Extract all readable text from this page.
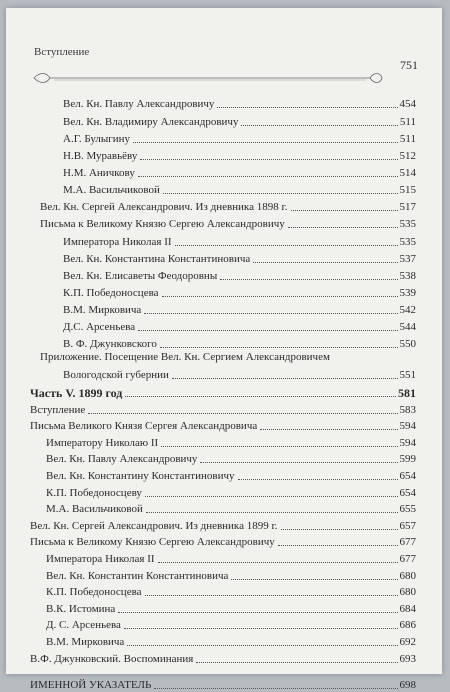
Вступление
751
Вел. Кн. Павлу Александровичу	454
Вел. Кн. Владимиру Александровичу	511
А.Г. Булыгину	511
Н.В. Муравьёву	512
Н.М. Аничкову	514
М.А. Васильчиковой	515
Вел. Кн. Сергей Александрович. Из дневника 1898 г.	517
Письма к Великому Князю Сергею Александровичу	535
Императора Николая II	535
Вел. Кн. Константина Константиновича	537
Вел. Кн. Елисаветы Феодоровны	538
К.П. Победоносцева	539
В.М. Мирковича	542
Д.С. Арсеньева	544
В. Ф. Джунковского	550
Приложение. Посещение Вел. Кн. Сергием Александровичем
Вологодской губернии	551
Часть V. 1899 год	581
Вступление	583
Письма Великого Князя Сергея Александровича	594
Императору Николаю II	594
Вел. Кн. Павлу Александровичу	599
Вел. Кн. Константину Константиновичу	654
К.П. Победоносцеву	654
М.А. Васильчиковой	655
Вел. Кн. Сергей Александрович. Из дневника 1899 г.	657
Письма к Великому Князю Сергею Александровичу	677
Императора Николая II	677
Вел. Кн. Константин Константиновича	680
К.П. Победоносцева	680
В.К. Истомина	684
Д. С. Арсеньева	686
В.М. Мирковича	692
В.Ф. Джунковский. Воспоминания	693
ИМЕННОЙ УКАЗАТЕЛЬ	698
